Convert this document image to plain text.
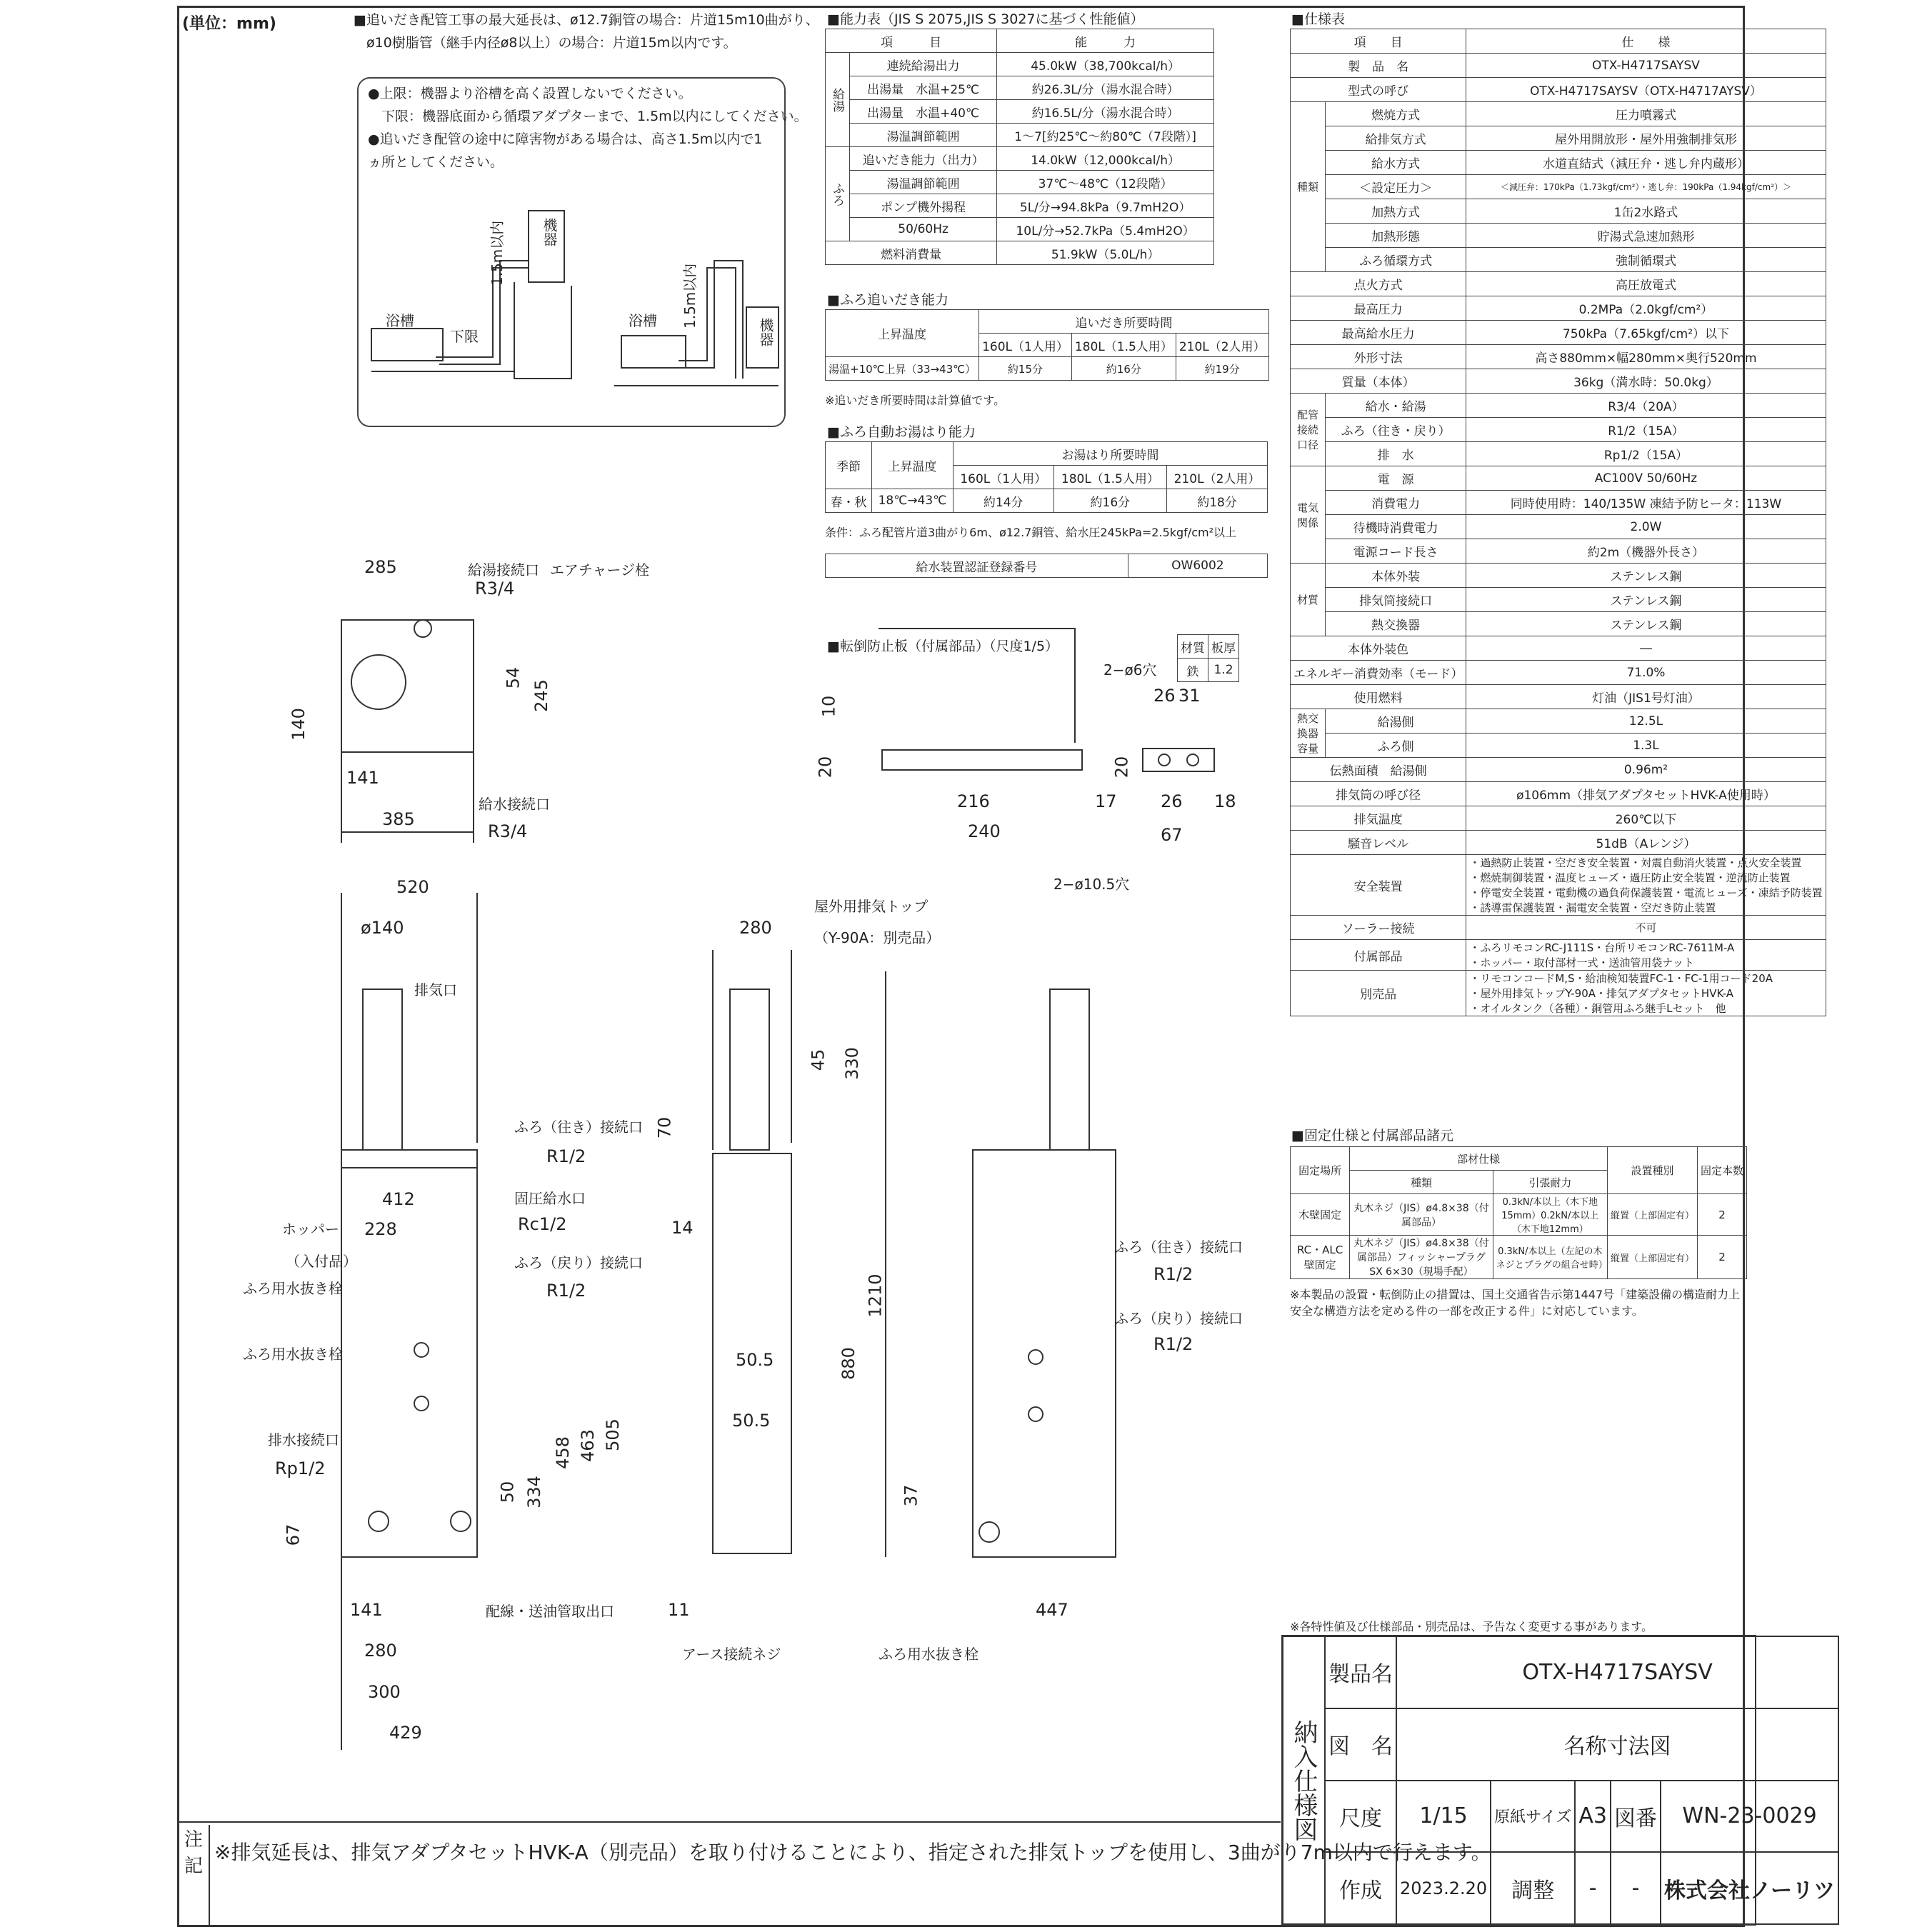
(単位：mm)	■追いだき配管工事の最大延長は、ø12.7銅管の場合：片道15m10曲がり、
ø10樹脂管（継手内径ø8以上）の場合：片道15m以内です。
●上限：機器より浴槽を高く設置しないでください。
　下限：機器底面から循環アダプターまで、1.5m以内にしてください。
●追いだき配管の途中に障害物がある場合は、高さ1.5m以内で1ヵ所としてください。
浴槽
下限
1.5m以内 機器
浴槽 1.5m以内
機器
■能力表（JIS S 2075,JIS S 3027に基づく性能値）
項　　　目		能　　　力
給湯	連続給湯出力	45.0kW（38,700kcal/h）
	出湯量　水温+25℃	約26.3L/分（湯水混合時）
	出湯量　水温+40℃	約16.5L/分（湯水混合時）
	湯温調節範囲	1〜7[約25℃〜約80℃（7段階）]
ふろ	追いだき能力（出力）	14.0kW（12,000kcal/h）
	湯温調節範囲	37℃〜48℃（12段階）
	ポンプ機外揚程	5L/分→94.8kPa（9.7mH2O）
	50/60Hz	10L/分→52.7kPa（5.4mH2O）
燃料消費量		51.9kW（5.0L/h）
■ふろ追いだき能力
上昇温度	追いだき所要時間		
	160L（1人用）	180L（1.5人用）	210L（2人用）
湯温+10℃上昇（33→43℃）	約15分	約16分	約19分
※追いだき所要時間は計算値です。
■ふろ自動お湯はり能力
季節	上昇温度	お湯はり所要時間		
		160L（1人用）	180L（1.5人用）	210L（2人用）
春・秋	18℃→43℃	約14分	約16分	約18分
条件：ふろ配管片道3曲がり6m、ø12.7銅管、給水圧245kPa=2.5kgf/cm²以上
給水装置認証登録番号	OW6002
■転倒防止板（付属部品）（尺度1/5）	材質	板厚
鉄	1.2
10
20
216
240
17
20
26 31
26 18
67
2−ø6穴
2−ø10.5穴
■仕様表
項　　目		仕　　様
製　品　名		OTX-H4717SAYSV
型式の呼び		OTX-H4717SAYSV（OTX-H4717AYSV）
種類	燃焼方式	圧力噴霧式
	給排気方式	屋外用開放形・屋外用強制排気形
	給水方式	水道直結式（減圧弁・逃し弁内蔵形）
	＜設定圧力＞	＜減圧弁：170kPa（1.73kgf/cm²）・逃し弁：190kPa（1.94kgf/cm²）＞
	加熱方式	1缶2水路式
	加熱形態	貯湯式急速加熱形
	ふろ循環方式	強制循環式
点火方式		高圧放電式
最高圧力		0.2MPa（2.0kgf/cm²）
最高給水圧力		750kPa（7.65kgf/cm²）以下
外形寸法		高さ880mm×幅280mm×奥行520mm
質量（本体）		36kg（満水時：50.0kg）
配管接続口径	給水・給湯	R3/4（20A）
	ふろ（往き・戻り）	R1/2（15A）
	排　水	Rp1/2（15A）
電気関係	電　源	AC100V 50/60Hz
	消費電力	同時使用時：140/135W 凍結予防ヒータ：113W
	待機時消費電力	2.0W
	電源コード長さ	約2m（機器外長さ）
材質	本体外装	ステンレス鋼
	排気筒接続口	ステンレス鋼
	熱交換器	ステンレス鋼
本体外装色		―
エネルギー消費効率（モード）		71.0%
使用燃料		灯油（JIS1号灯油）
熱交換器容量	給湯側	12.5L
	ふろ側	1.3L
伝熱面積　給湯側		0.96m²
排気筒の呼び径		ø106mm（排気アダプタセットHVK-A使用時）
排気温度		260℃以下
騒音レベル		51dB（Aレンジ）
安全装置		・過熱防止装置・空だき安全装置・対震自動消火装置・点火安全装置
・燃焼制御装置・温度ヒューズ・過圧防止安全装置・逆流防止装置
・停電安全装置・電動機の過負荷保護装置・電流ヒューズ・凍結予防装置
・誘導雷保護装置・漏電安全装置・空だき防止装置

ソーラー接続		不可
付属部品		・ふろリモコンRC-J111S・台所リモコンRC-7611M-A
・ホッパー・取付部材一式・送油管用袋ナット

別売品		・リモコンコードM,S・給油検知装置FC-1・FC-1用コード20A
・屋外用排気トップY-90A・排気アダプタセットHVK-A
・オイルタンク（各種）・銅管用ふろ継手Lセット　他
■固定仕様と付属部品諸元
固定場所	部材仕様		設置種別	固定本数
	種類	引張耐力		
木壁固定	丸木ネジ（JIS）ø4.8×38（付属部品）	0.3kN/本以上（木下地15mm）0.2kN/本以上（木下地12mm）	縦置（上部固定有）	2
RC・ALC壁固定	丸木ネジ（JIS）ø4.8×38（付属部品）フィッシャープラグSX 6×30（現場手配）	0.3kN/本以上（左記の木ネジとプラグの組合せ時）	縦置（上部固定有）	2
※本製品の設置・転倒防止の措置は、国土交通省告示第1447号「建築設備の構造耐力上安全な構造方法を定める件の一部を改正する件」に対応しています。
※各特性値及び仕様部品・別売品は、予告なく変更する事があります。
納入仕様図	製品名	OTX-H4717SAYSV				
	図　名	名称寸法図				
	尺度	1/15	原紙サイズ	A3	図番	WN-23-0029
	作成	2023.2.20	調整	-	-	株式会社ノーリツ
注記
※排気延長は、排気アダプタセットHVK-A（別売品）を取り付けることにより、指定された排気トップを使用し、3曲がり7m以内で行えます。
285
140
54
245
141
385
給湯接続口
R3/4
エアチャージ栓
給水接続口
R3/4
520
ø140
排気口
412
228
ホッパー
（入付品）
ふろ用水抜き栓
ふろ用水抜き栓
排水接続口
Rp1/2
ふろ（往き）接続口
R1/2
固圧給水口
Rc1/2
ふろ（戻り）接続口
R1/2
67
50 334
458 463 505
141
280
300
429
配線・送油管取出口
280
屋外用排気トップ
（Y-90A：別売品）
45 330
70
14
1210
880
50.5
50.5
11
アース接続ネジ
ふろ（往き）接続口
R1/2
ふろ（戻り）接続口
R1/2
37
447
ふろ用水抜き栓
